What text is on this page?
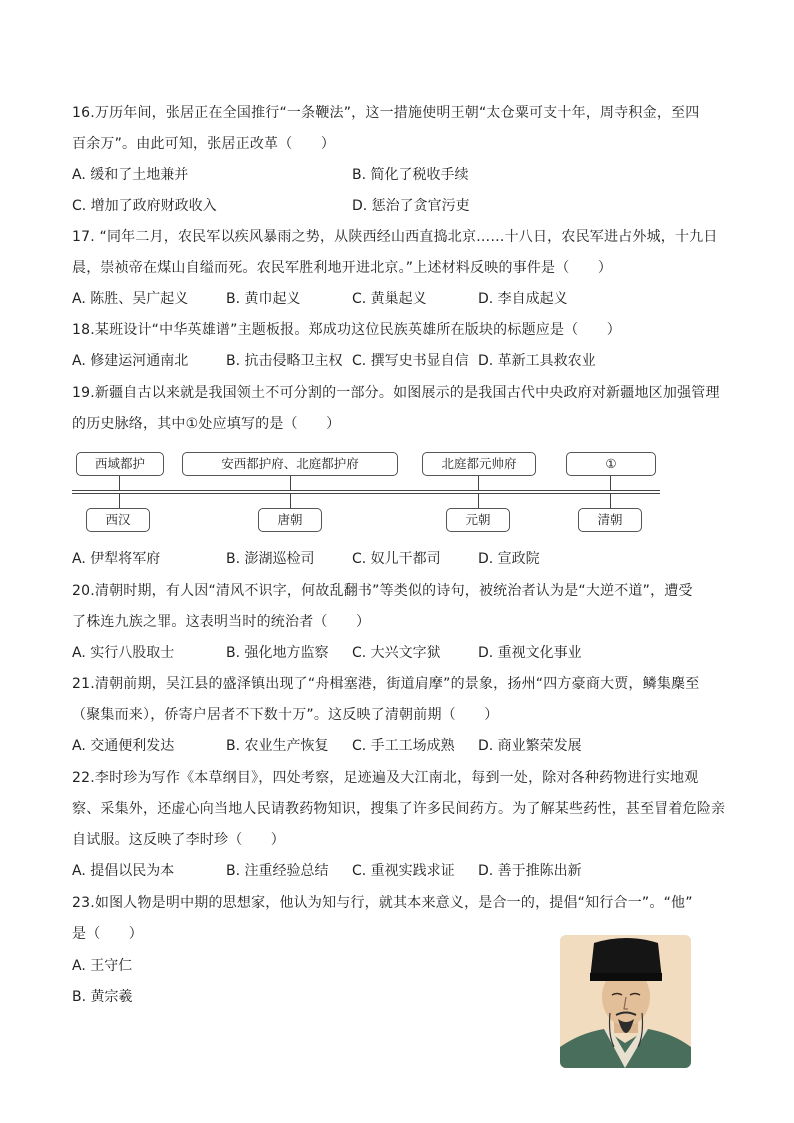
16.万历年间，张居正在全国推行“一条鞭法”，这一措施使明王朝“太仓粟可支十年，周寺积金，至四
百余万”。由此可知，张居正改革（　　）
A. 缓和了土地兼并	B. 简化了税收手续
C. 增加了政府财政收入	D. 惩治了贪官污吏
17. “同年二月，农民军以疾风暴雨之势，从陕西经山西直捣北京……十八日，农民军进占外城，十九日
晨，崇祯帝在煤山自缢而死。农民军胜利地开进北京。”上述材料反映的事件是（　　）
A. 陈胜、吴广起义	B. 黄巾起义	C. 黄巢起义	D. 李自成起义
18.某班设计“中华英雄谱”主题板报。郑成功这位民族英雄所在版块的标题应是（　　）
A. 修建运河通南北	B. 抗击侵略卫主权 C. 撰写史书显自信 D. 革新工具救农业
19.新疆自古以来就是我国领土不可分割的一部分。如图展示的是我国古代中央政府对新疆地区加强管理
的历史脉络，其中①处应填写的是（　　）
西域都护	安西都护府、北庭都护府	北庭都元帅府	①
西汉	唐朝	元朝	清朝
A. 伊犁将军府	B. 澎湖巡检司	C. 奴儿干都司	D. 宣政院
20.清朝时期，有人因“清风不识字，何故乱翻书”等类似的诗句，被统治者认为是“大逆不道”，遭受
了株连九族之罪。这表明当时的统治者（　　）
A. 实行八股取士	B. 强化地方监察 C. 大兴文字狱	D. 重视文化事业
21.清朝前期，吴江县的盛泽镇出现了“舟楫塞港，街道肩摩”的景象，扬州“四方豪商大贾，鳞集麇至
（聚集而来），侨寄户居者不下数十万”。这反映了清朝前期（　　）
A. 交通便利发达	B. 农业生产恢复 C. 手工工场成熟 D. 商业繁荣发展
22.李时珍为写作《本草纲目》，四处考察，足迹遍及大江南北，每到一处，除对各种药物进行实地观
察、采集外，还虚心向当地人民请教药物知识，搜集了许多民间药方。为了解某些药性，甚至冒着危险亲
自试服。这反映了李时珍（　　）
A. 提倡以民为本	B. 注重经验总结 C. 重视实践求证 D. 善于推陈出新
23.如图人物是明中期的思想家，他认为知与行，就其本来意义，是合一的，提倡“知行合一”。“他”
是（　　）
A. 王守仁
B. 黄宗羲
